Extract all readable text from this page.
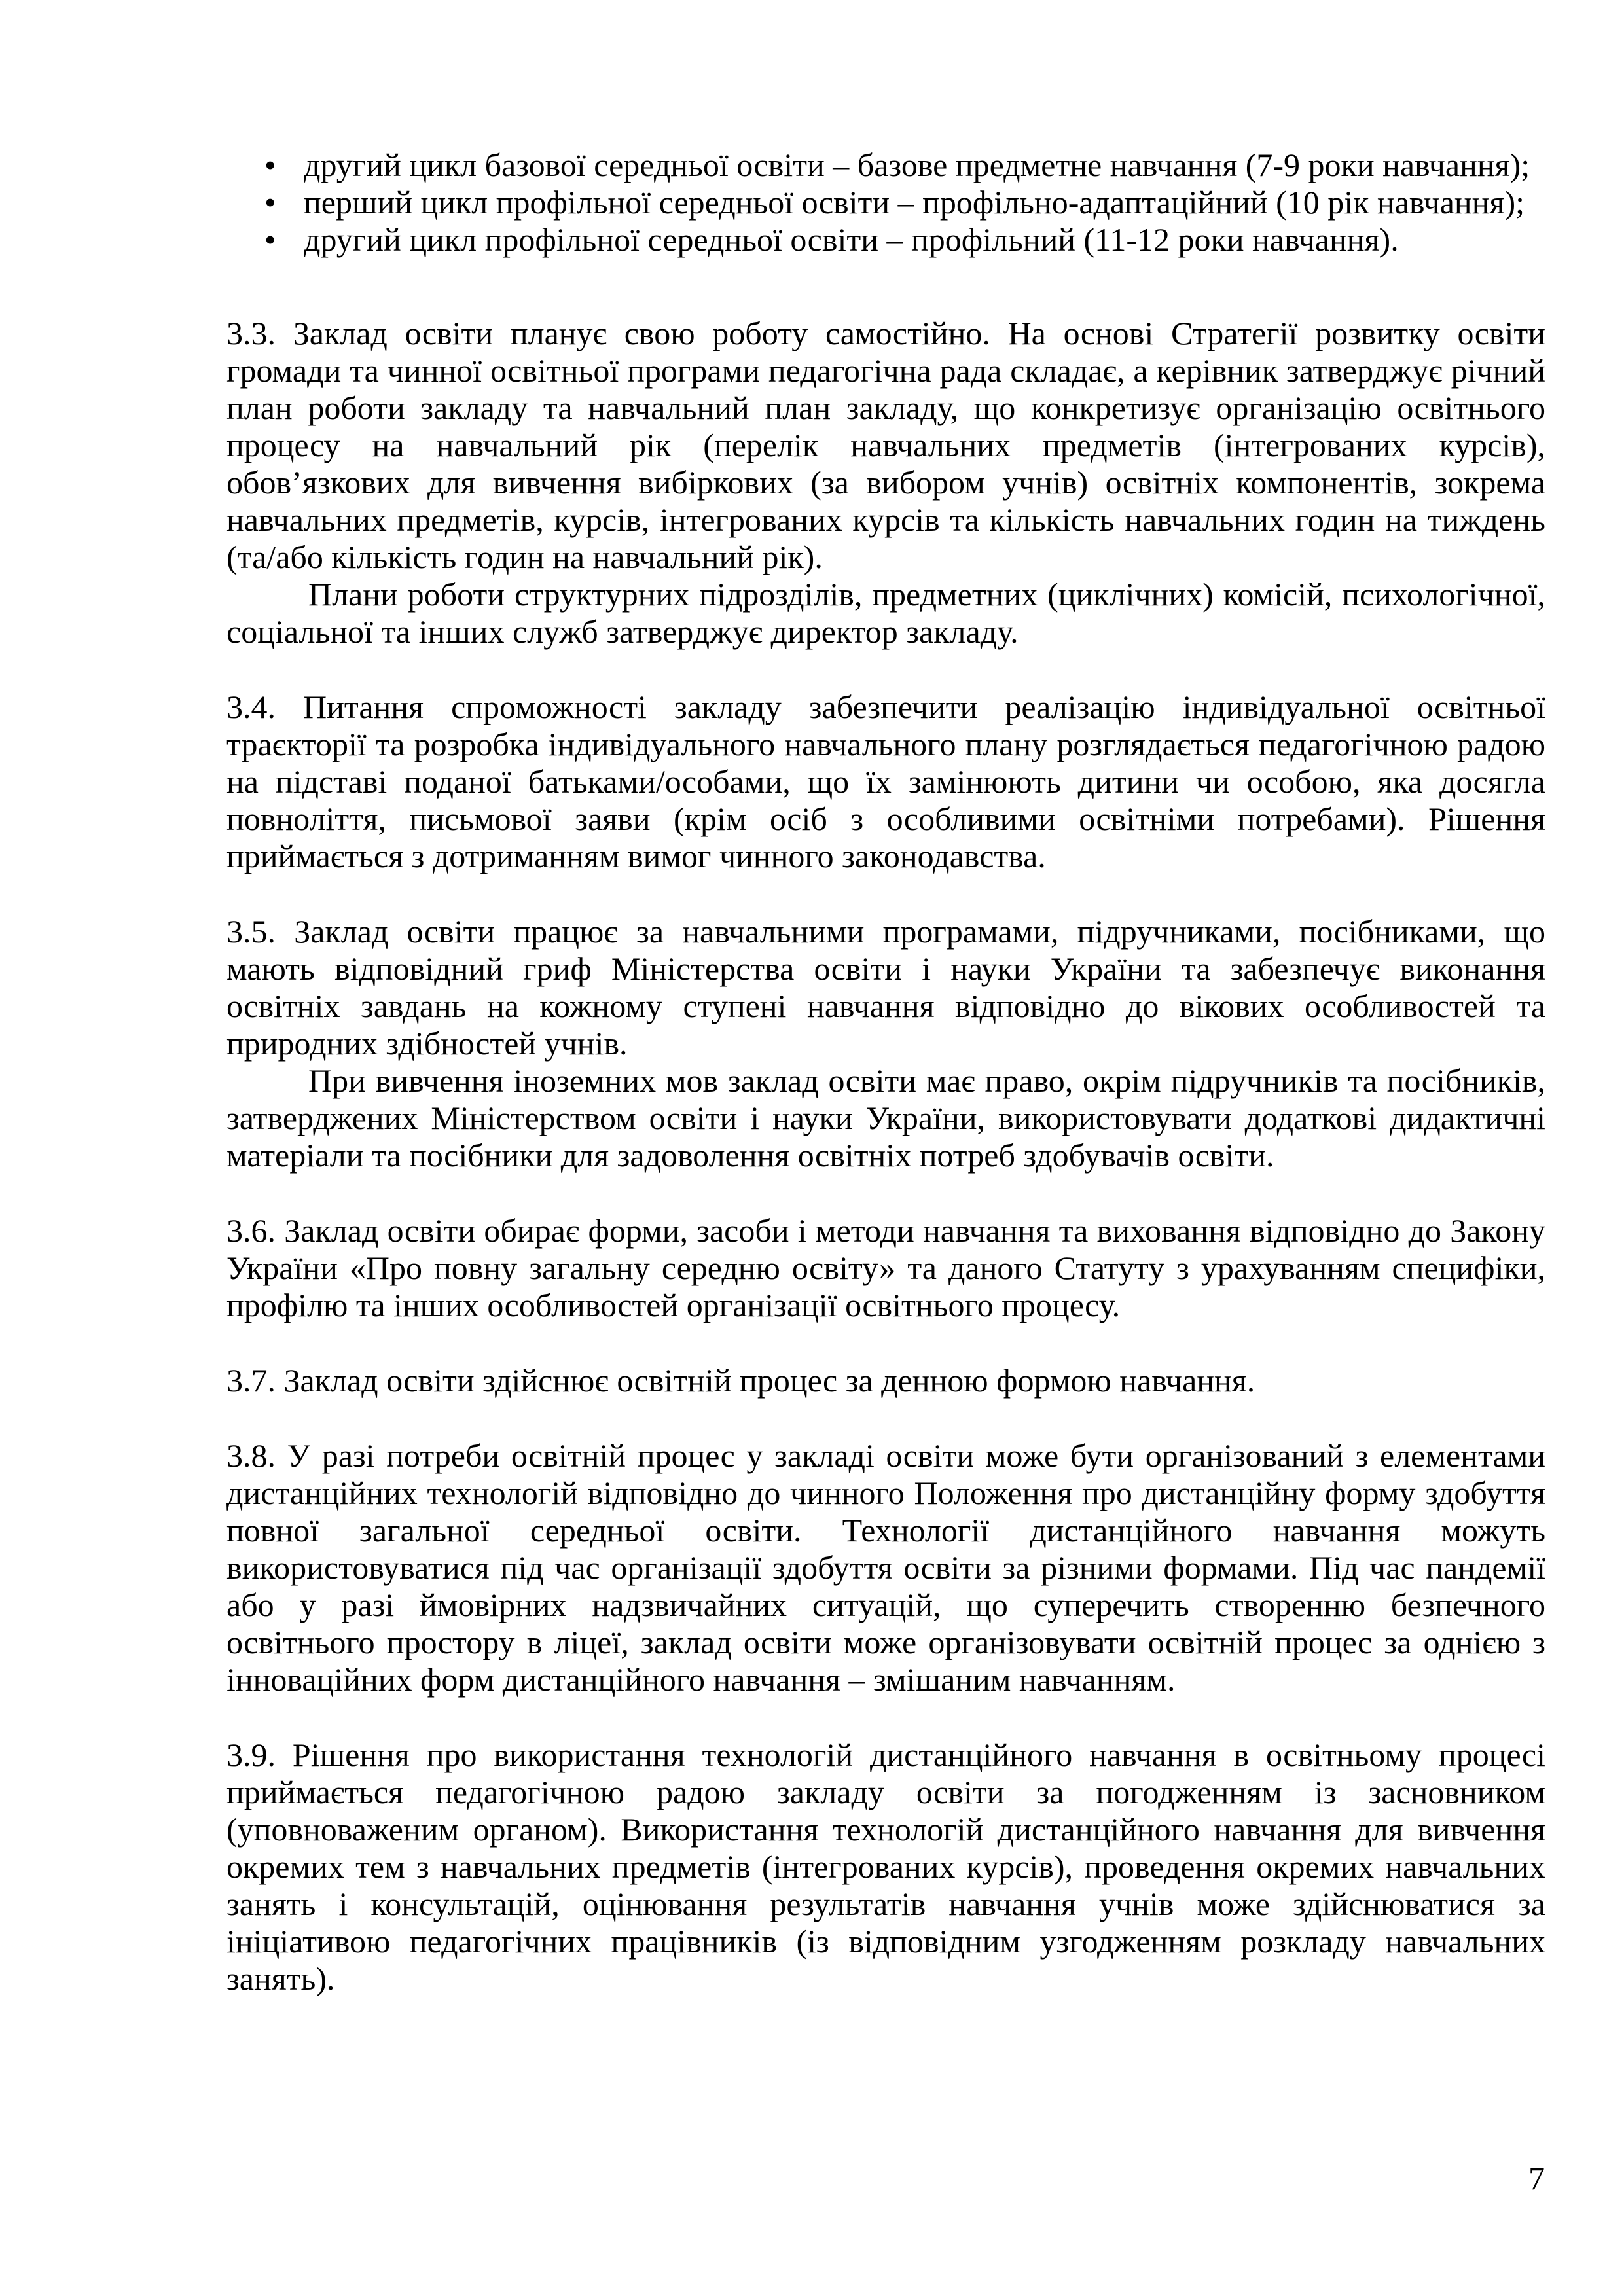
• другий цикл базової середньої освіти – базове предметне навчання (7-9 роки навчання);
• перший цикл профільної середньої освіти – профільно-адаптаційний (10 рік навчання);
• другий цикл профільної середньої освіти – профільний (11-12 роки навчання).

3.3. Заклад освіти планує свою роботу самостійно. На основі Стратегії розвитку освіти громади та чинної освітньої програми педагогічна рада складає, а керівник затверджує річний план роботи закладу та навчальний план закладу, що конкретизує організацію освітнього процесу на навчальний рік (перелік навчальних предметів (інтегрованих курсів), обов’язкових для вивчення вибіркових (за вибором учнів) освітніх компонентів, зокрема навчальних предметів, курсів, інтегрованих курсів та кількість навчальних годин на тиждень (та/або кількість годин на навчальний рік).

Плани роботи структурних підрозділів, предметних (циклічних) комісій, психологічної, соціальної та інших служб затверджує директор закладу.

3.4. Питання спроможності закладу забезпечити реалізацію індивідуальної освітньої траєкторії та розробка індивідуального навчального плану розглядається педагогічною радою на підставі поданої батьками/особами, що їх замінюють дитини чи особою, яка досягла повноліття, письмової заяви (крім осіб з особливими освітніми потребами). Рішення приймається з дотриманням вимог чинного законодавства.

3.5. Заклад освіти працює за навчальними програмами, підручниками, посібниками, що мають відповідний гриф Міністерства освіти і науки України та забезпечує виконання освітніх завдань на кожному ступені навчання відповідно до вікових особливостей та природних здібностей учнів.

При вивчення іноземних мов заклад освіти має право, окрім підручників та посібників, затверджених Міністерством освіти і науки України, використовувати додаткові дидактичні матеріали та посібники для задоволення освітніх потреб здобувачів освіти.

3.6. Заклад освіти обирає форми, засоби і методи навчання та виховання відповідно до Закону України «Про повну загальну середню освіту» та даного Статуту з урахуванням специфіки, профілю та інших особливостей організації освітнього процесу.

3.7. Заклад освіти здійснює освітній процес за денною формою навчання.

3.8. У разі потреби освітній процес у закладі освіти може бути організований з елементами дистанційних технологій відповідно до чинного Положення про дистанційну форму здобуття повної загальної середньої освіти. Технології дистанційного навчання можуть використовуватися під час організації здобуття освіти за різними формами. Під час пандемії або у разі ймовірних надзвичайних ситуацій, що суперечить створенню безпечного освітнього простору в ліцеї, заклад освіти може організовувати освітній процес за однією з інноваційних форм дистанційного навчання – змішаним навчанням.

3.9. Рішення про використання технологій дистанційного навчання в освітньому процесі приймається педагогічною радою закладу освіти за погодженням із засновником (уповноваженим органом). Використання технологій дистанційного навчання для вивчення окремих тем з навчальних предметів (інтегрованих курсів), проведення окремих навчальних занять і консультацій, оцінювання результатів навчання учнів може здійснюватися за ініціативою педагогічних працівників (із відповідним узгодженням розкладу навчальних занять).

7
